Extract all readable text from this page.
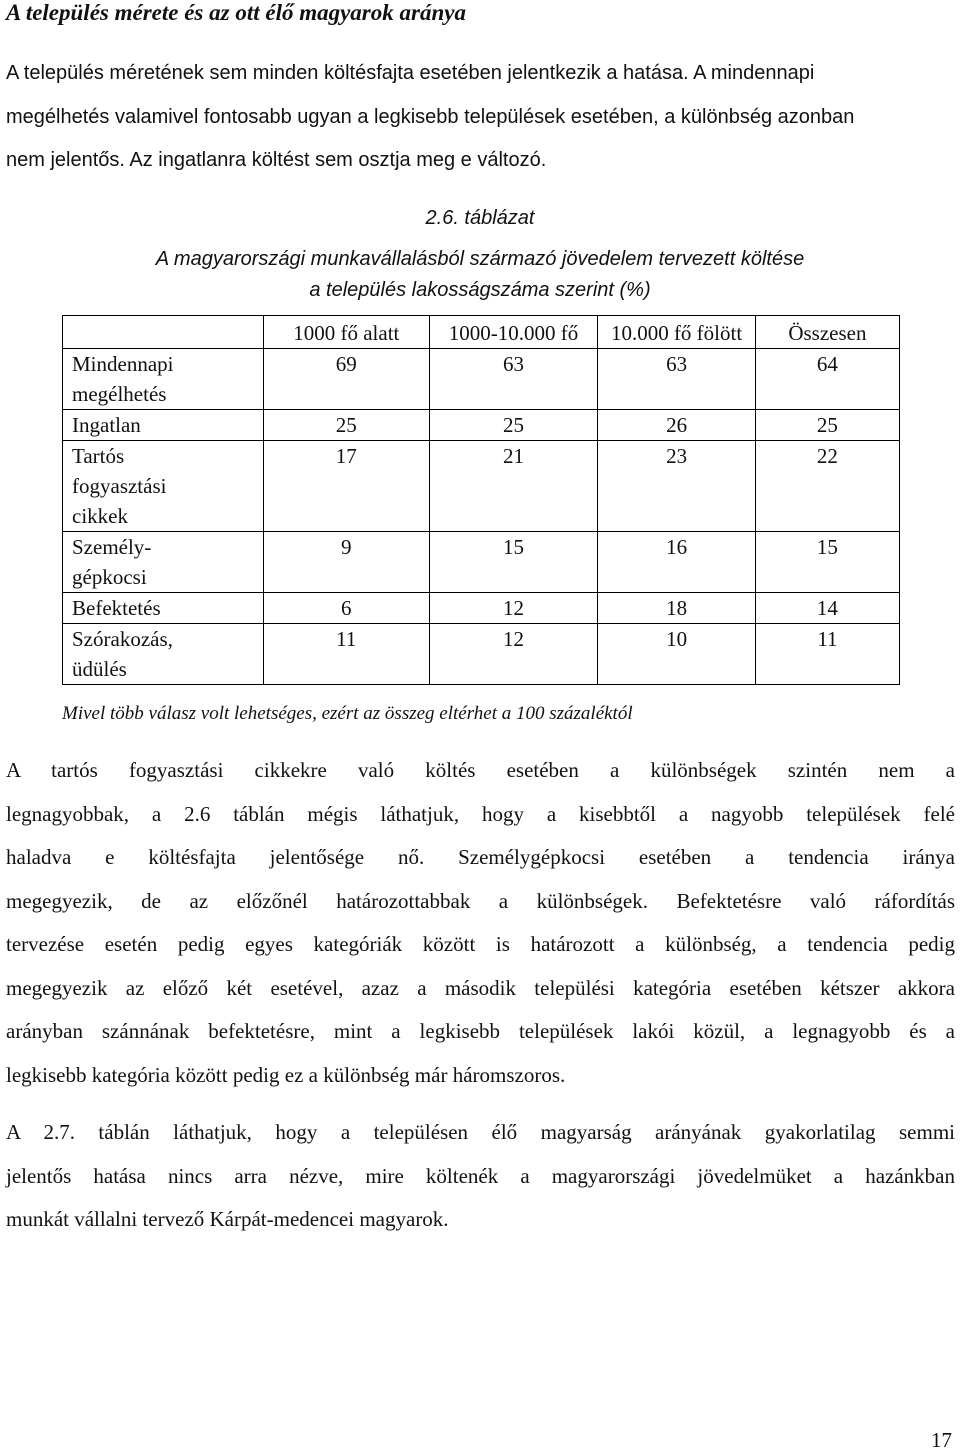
A település mérete és az ott élő magyarok aránya

A település méretének sem minden költésfajta esetében jelentkezik a hatása. A mindennapi
megélhetés valamivel fontosabb ugyan a legkisebb települések esetében, a különbség azonban
nem jelentős. Az ingatlanra költést sem osztja meg e változó.

2.6. táblázat
A magyarországi munkavállalásból származó jövedelem tervezett költése
a település lakosságszáma szerint (%)
	1000 fő alatt	1000-10.000 fő	10.000 fő fölött	Összesen
Mindennapi
megélhetés	69	63	63	64
Ingatlan	25	25	26	25
Tartós
fogyasztási
cikkek	17	21	23	22
Személy-
gépkocsi	9	15	16	15
Befektetés	6	12	18	14
Szórakozás,
üdülés	11	12	10	11
Mivel több válasz volt lehetséges, ezért az összeg eltérhet a 100 százaléktól

A tartós fogyasztási cikkekre való költés esetében a különbségek szintén nem a
legnagyobbak, a 2.6 táblán mégis láthatjuk, hogy a kisebbtől a nagyobb települések felé
haladva e költésfajta jelentősége nő. Személygépkocsi esetében a tendencia iránya
megegyezik, de az előzőnél határozottabbak a különbségek. Befektetésre való ráfordítás
tervezése esetén pedig egyes kategóriák között is határozott a különbség, a tendencia pedig
megegyezik az előző két esetével, azaz a második települési kategória esetében kétszer akkora
arányban szánnának befektetésre, mint a legkisebb települések lakói közül, a legnagyobb és a
legkisebb kategória között pedig ez a különbség már háromszoros.

A 2.7. táblán láthatjuk, hogy a településen élő magyarság arányának gyakorlatilag semmi
jelentős hatása nincs arra nézve, mire költenék a magyarországi jövedelmüket a hazánkban
munkát vállalni tervező Kárpát-medencei magyarok.

17
